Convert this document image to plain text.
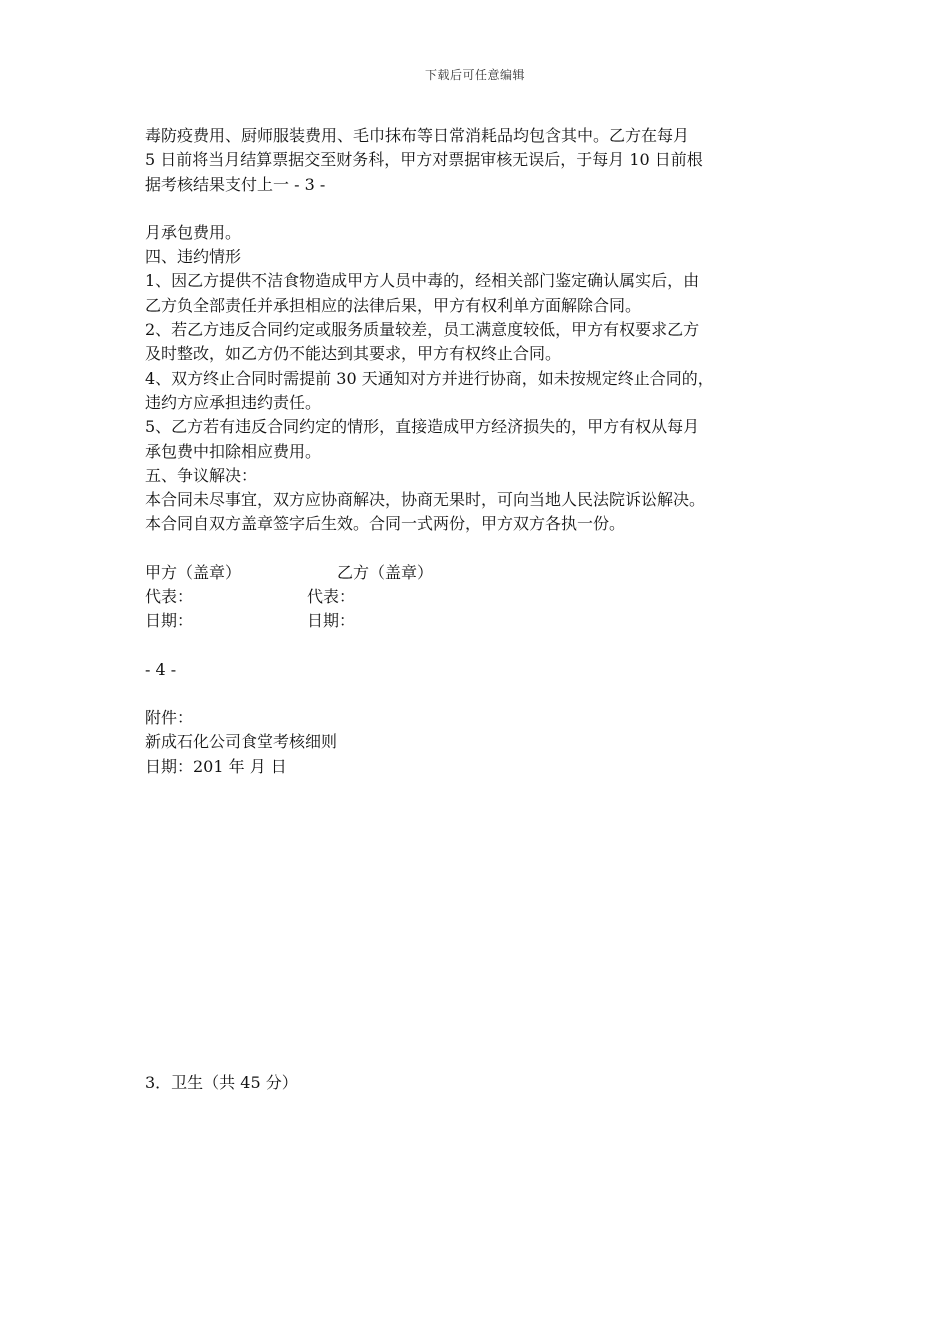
下载后可任意编辑

毒防疫费用、厨师服装费用、毛巾抹布等日常消耗品均包含其中。乙方在每月

5 日前将当月结算票据交至财务科，甲方对票据审核无误后，于每月 10 日前根

据考核结果支付上一 - 3 -

月承包费用。

四、违约情形

1、因乙方提供不洁食物造成甲方人员中毒的，经相关部门鉴定确认属实后，由

乙方负全部责任并承担相应的法律后果，甲方有权利单方面解除合同。

2、若乙方违反合同约定或服务质量较差，员工满意度较低，甲方有权要求乙方

及时整改，如乙方仍不能达到其要求，甲方有权终止合同。

4、双方终止合同时需提前 30 天通知对方并进行协商，如未按规定终止合同的，

违约方应承担违约责任。

5、乙方若有违反合同约定的情形，直接造成甲方经济损失的，甲方有权从每月

承包费中扣除相应费用。

五、争议解决：

本合同未尽事宜，双方应协商解决，协商无果时，可向当地人民法院诉讼解决。

本合同自双方盖章签字后生效。合同一式两份，甲方双方各执一份。

甲方（盖章）	乙方（盖章）
代表：	代表：
日期：	日期：

- 4 -

附件：

新成石化公司食堂考核细则

日期：201 年 月 日

3．卫生（共 45 分）
